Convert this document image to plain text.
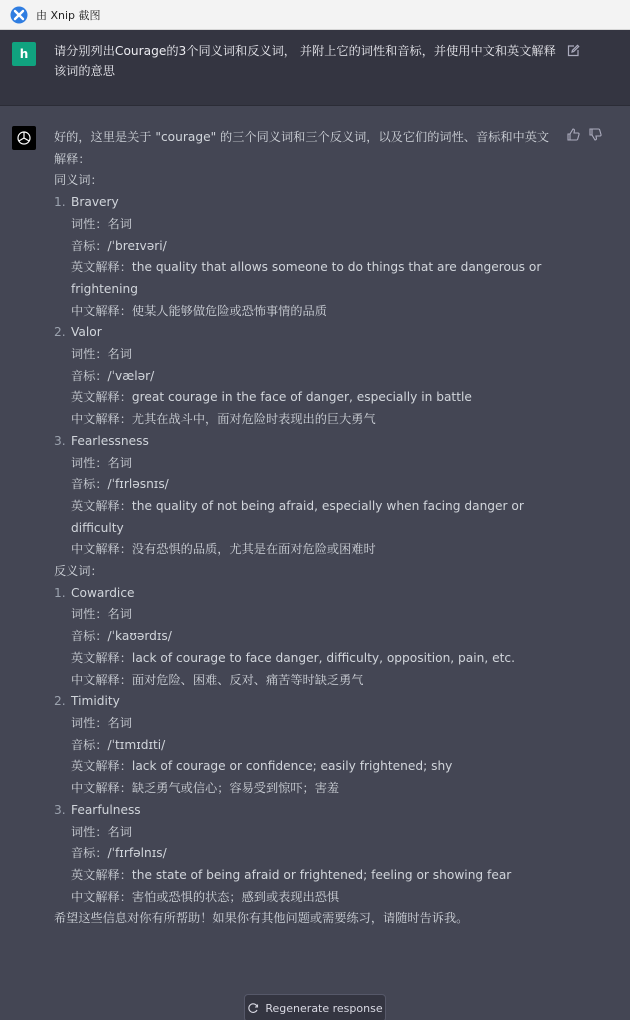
由 Xnip 截图
h	请分别列出Courage的3个同义词和反义词， 并附上它的词性和音标，并使用中文和英文解释该词的意思

好的，这里是关于 "courage" 的三个同义词和三个反义词，以及它们的词性、音标和中英文解释：

同义词：

1. Bravery
词性：名词
音标：/ˈbreɪvəri/
英文解释：the quality that allows someone to do things that are dangerous or frightening
中文解释：使某人能够做危险或恐怖事情的品质
2. Valor
词性：名词
音标：/ˈvælər/
英文解释：great courage in the face of danger, especially in battle
中文解释：尤其在战斗中，面对危险时表现出的巨大勇气
3. Fearlessness
词性：名词
音标：/ˈfɪrləsnɪs/
英文解释：the quality of not being afraid, especially when facing danger or difficulty
中文解释：没有恐惧的品质，尤其是在面对危险或困难时

反义词：

1. Cowardice
词性：名词
音标：/ˈkaʊərdɪs/
英文解释：lack of courage to face danger, difficulty, opposition, pain, etc.
中文解释：面对危险、困难、反对、痛苦等时缺乏勇气
2. Timidity
词性：名词
音标：/ˈtɪmɪdɪti/
英文解释：lack of courage or confidence; easily frightened; shy
中文解释：缺乏勇气或信心；容易受到惊吓；害羞
3. Fearfulness
词性：名词
音标：/ˈfɪrfəlnɪs/
英文解释：the state of being afraid or frightened; feeling or showing fear
中文解释：害怕或恐惧的状态；感到或表现出恐惧

希望这些信息对你有所帮助！如果你有其他问题或需要练习，请随时告诉我。

Regenerate response
